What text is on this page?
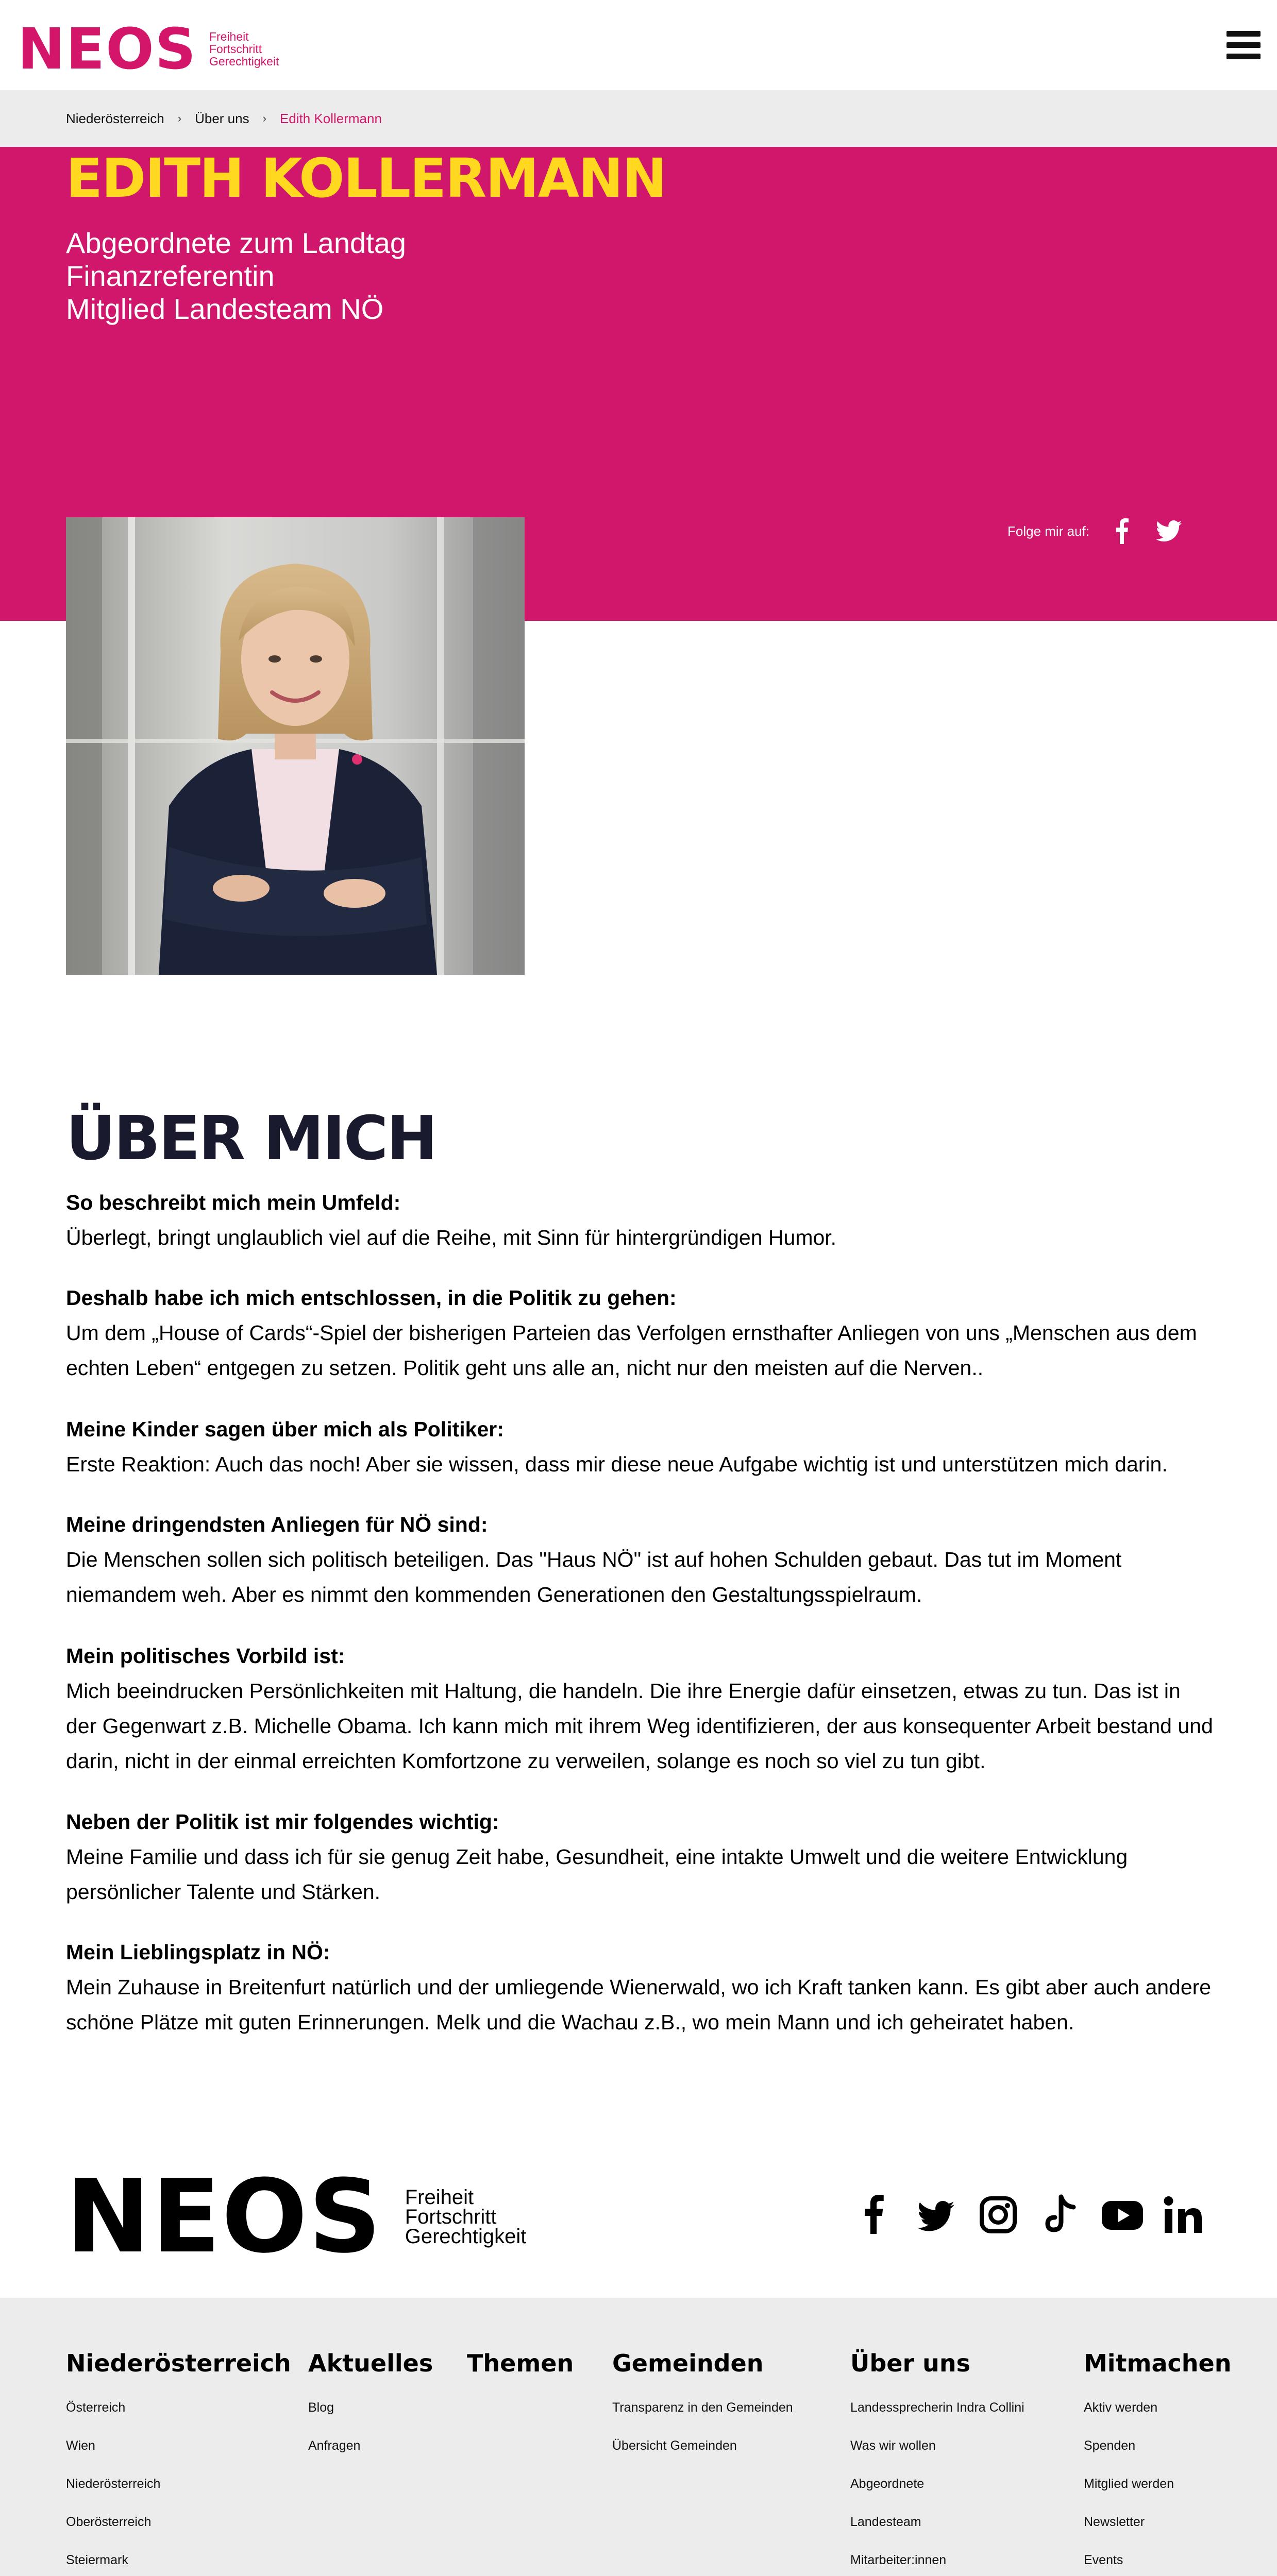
NEOS Freiheit
Fortschritt
Gerechtigkeit
Niederösterreich › Über uns › Edith Kollermann
EDITH KOLLERMANN
Abgeordnete zum Landtag
Finanzreferentin
Mitglied Landesteam NÖ
Folge mir auf:
ÜBER MICH
So beschreibt mich mein Umfeld:
Überlegt, bringt unglaublich viel auf die Reihe, mit Sinn für hintergründigen Humor.
Deshalb habe ich mich entschlossen, in die Politik zu gehen:
Um dem „House of Cards“-Spiel der bisherigen Parteien das Verfolgen ernsthafter Anliegen von uns „Menschen aus dem echten Leben“ entgegen zu setzen. Politik geht uns alle an, nicht nur den meisten auf die Nerven..
Meine Kinder sagen über mich als Politiker:
Erste Reaktion: Auch das noch! Aber sie wissen, dass mir diese neue Aufgabe wichtig ist und unterstützen mich darin.
Meine dringendsten Anliegen für NÖ sind:
Die Menschen sollen sich politisch beteiligen. Das "Haus NÖ" ist auf hohen Schulden gebaut. Das tut im Moment niemandem weh. Aber es nimmt den kommenden Generationen den Gestaltungsspielraum.
Mein politisches Vorbild ist:
Mich beeindrucken Persönlichkeiten mit Haltung, die handeln. Die ihre Energie dafür einsetzen, etwas zu tun. Das ist in der Gegenwart z.B. Michelle Obama. Ich kann mich mit ihrem Weg identifizieren, der aus konsequenter Arbeit bestand und darin, nicht in der einmal erreichten Komfortzone zu verweilen, solange es noch so viel zu tun gibt.
Neben der Politik ist mir folgendes wichtig:
Meine Familie und dass ich für sie genug Zeit habe, Gesundheit, eine intakte Umwelt und die weitere Entwicklung persönlicher Talente und Stärken.
Mein Lieblingsplatz in NÖ:
Mein Zuhause in Breitenfurt natürlich und der umliegende Wienerwald, wo ich Kraft tanken kann. Es gibt aber auch andere schöne Plätze mit guten Erinnerungen. Melk und die Wachau z.B., wo mein Mann und ich geheiratet haben.
NEOS Freiheit
Fortschritt
Gerechtigkeit
Niederösterreich
Österreich
Wien
Niederösterreich
Oberösterreich
Steiermark
Aktuelles
Blog
Anfragen
Themen Gemeinden
Transparenz in den Gemeinden
Übersicht Gemeinden
Über uns
Landessprecherin Indra Collini
Was wir wollen
Abgeordnete
Landesteam
Mitarbeiter:innen
Mitmachen
Aktiv werden
Spenden
Mitglied werden
Newsletter
Events
